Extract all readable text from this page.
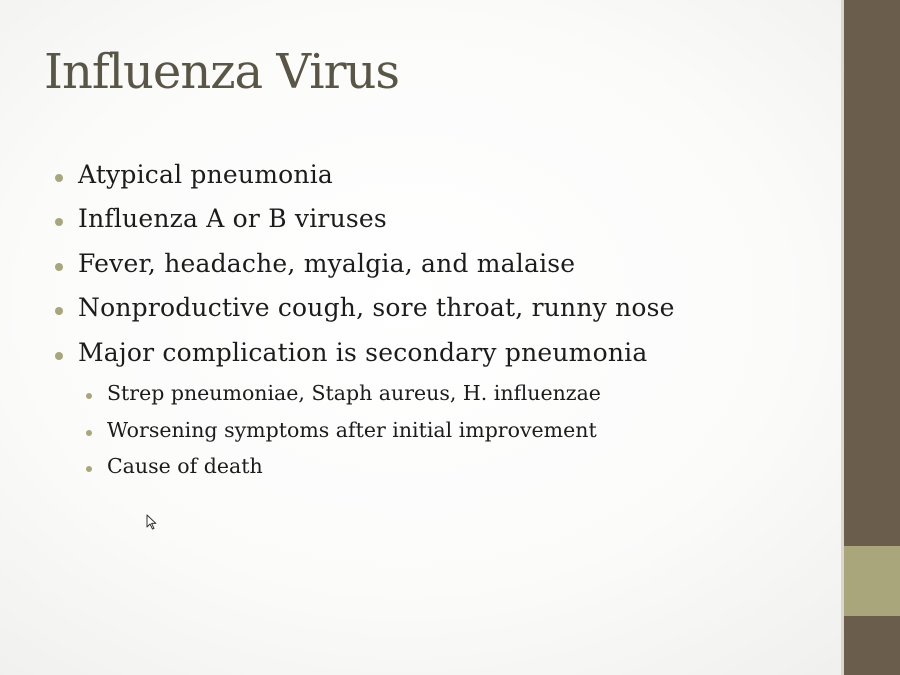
Influenza Virus
Atypical pneumonia
Influenza A or B viruses
Fever, headache, myalgia, and malaise
Nonproductive cough, sore throat, runny nose
Major complication is secondary pneumonia
Strep pneumoniae, Staph aureus, H. influenzae
Worsening symptoms after initial improvement
Cause of death
